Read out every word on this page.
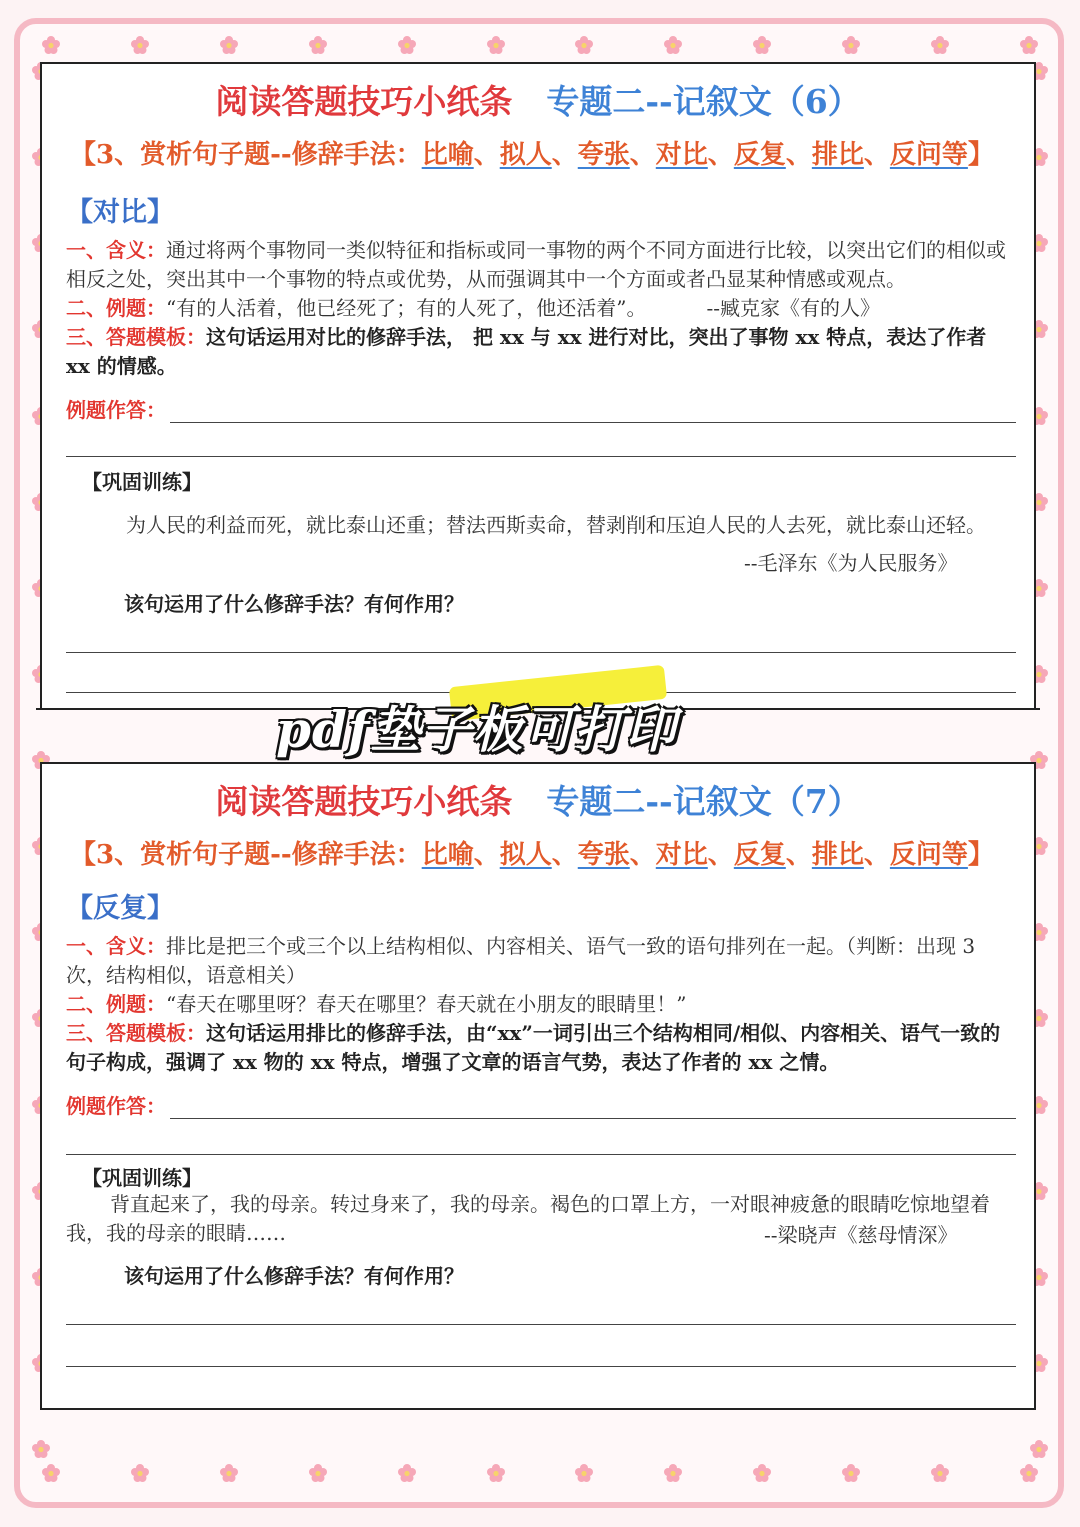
阅读答题技巧小纸条 专题二--记叙文（6）
【3、赏析句子题--修辞手法：比喻、拟人、夸张、对比、反复、排比、反问等】
【对比】
一、含义：通过将两个事物同一类似特征和指标或同一事物的两个不同方面进行比较，以突出它们的相似或相反之处，突出其中一个事物的特点或优势，从而强调其中一个方面或者凸显某种情感或观点。
二、例题：“有的人活着，他已经死了；有的人死了，他还活着”。	--臧克家《有的人》
三、答题模板：这句话运用对比的修辞手法， 把 xx 与 xx 进行对比，突出了事物 xx 特点，表达了作者 xx 的情感。
例题作答：
【巩固训练】
为人民的利益而死，就比泰山还重；替法西斯卖命，替剥削和压迫人民的人去死，就比泰山还轻。
--毛泽东《为人民服务》
该句运用了什么修辞手法？有何作用？
pdf垫子板可打印
阅读答题技巧小纸条 专题二--记叙文（7）
【3、赏析句子题--修辞手法：比喻、拟人、夸张、对比、反复、排比、反问等】
【反复】
一、含义：排比是把三个或三个以上结构相似、内容相关、语气一致的语句排列在一起。（判断：出现 3 次，结构相似，语意相关）
二、例题：“春天在哪里呀？春天在哪里？春天就在小朋友的眼睛里！”
三、答题模板：这句话运用排比的修辞手法，由“xx”一词引出三个结构相同/相似、内容相关、语气一致的句子构成，强调了 xx 物的 xx 特点，增强了文章的语言气势，表达了作者的 xx 之情。
例题作答：
【巩固训练】
背直起来了，我的母亲。转过身来了，我的母亲。褐色的口罩上方，一对眼神疲惫的眼睛吃惊地望着我，我的母亲的眼睛……	--梁晓声《慈母情深》
该句运用了什么修辞手法？有何作用？
